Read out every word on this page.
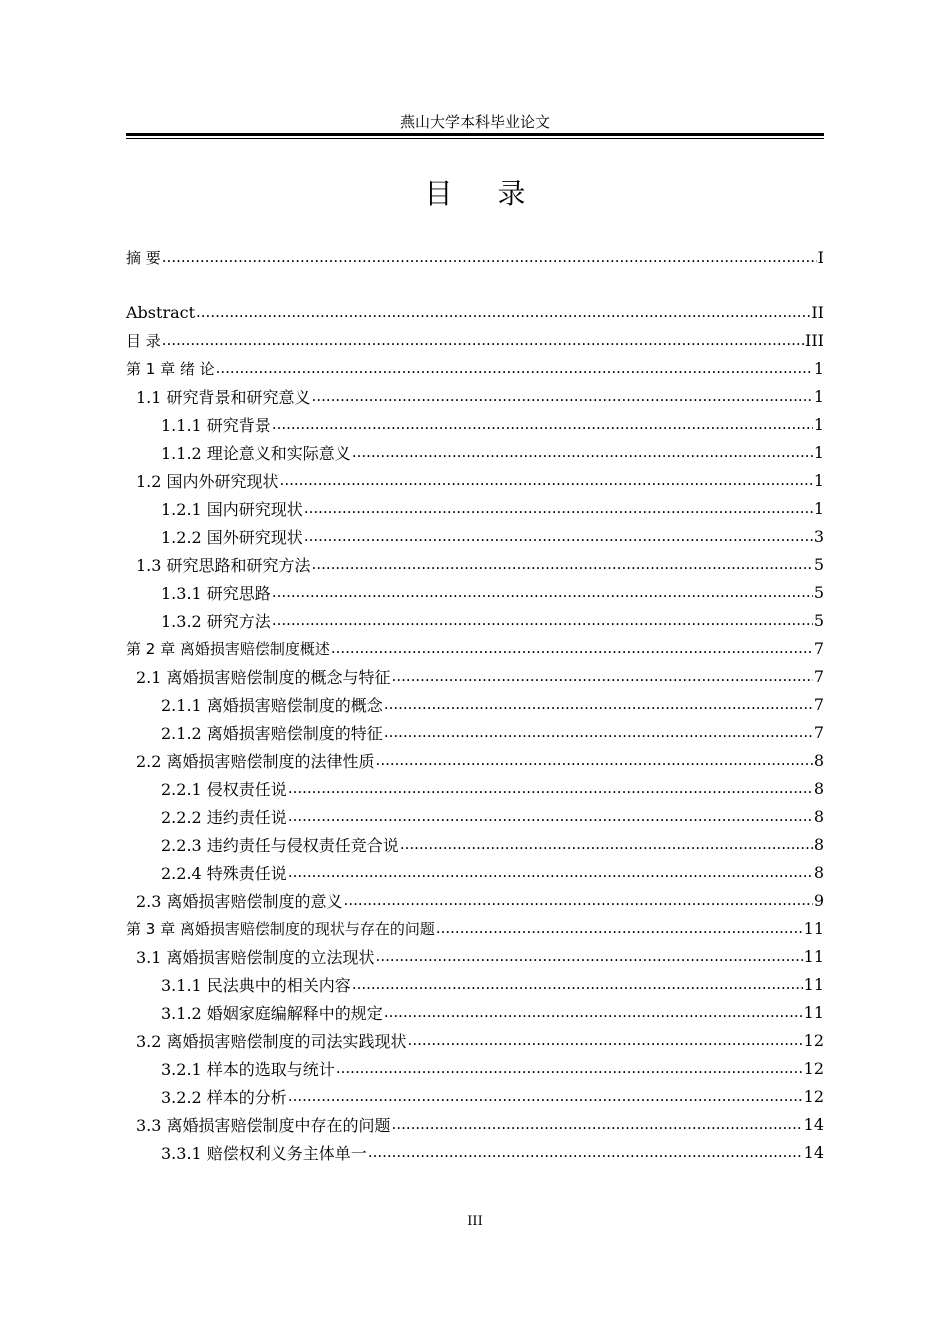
燕山大学本科毕业论文
目 录
摘 要 .....	I
Abstract .....	II
目 录 .....	III
第 1 章 绪 论 .....	1
1.1 研究背景和研究意义 .....	1
1.1.1 研究背景 .....	1
1.1.2 理论意义和实际意义 .....	1
1.2 国内外研究现状 .....	1
1.2.1 国内研究现状 .....	1
1.2.2 国外研究现状 .....	3
1.3 研究思路和研究方法 .....	5
1.3.1 研究思路 .....	5
1.3.2 研究方法 .....	5
第 2 章 离婚损害赔偿制度概述 .....	7
2.1 离婚损害赔偿制度的概念与特征 .....	7
2.1.1 离婚损害赔偿制度的概念 .....	7
2.1.2 离婚损害赔偿制度的特征 .....	7
2.2 离婚损害赔偿制度的法律性质 .....	8
2.2.1 侵权责任说 .....	8
2.2.2 违约责任说 .....	8
2.2.3 违约责任与侵权责任竞合说 .....	8
2.2.4 特殊责任说 .....	8
2.3 离婚损害赔偿制度的意义 .....	9
第 3 章 离婚损害赔偿制度的现状与存在的问题 .....	11
3.1 离婚损害赔偿制度的立法现状 .....	11
3.1.1 民法典中的相关内容 .....	11
3.1.2 婚姻家庭编解释中的规定 .....	11
3.2 离婚损害赔偿制度的司法实践现状 .....	12
3.2.1 样本的选取与统计 .....	12
3.2.2 样本的分析 .....	12
3.3 离婚损害赔偿制度中存在的问题 .....	14
3.3.1 赔偿权利义务主体单一 .....	14
III
